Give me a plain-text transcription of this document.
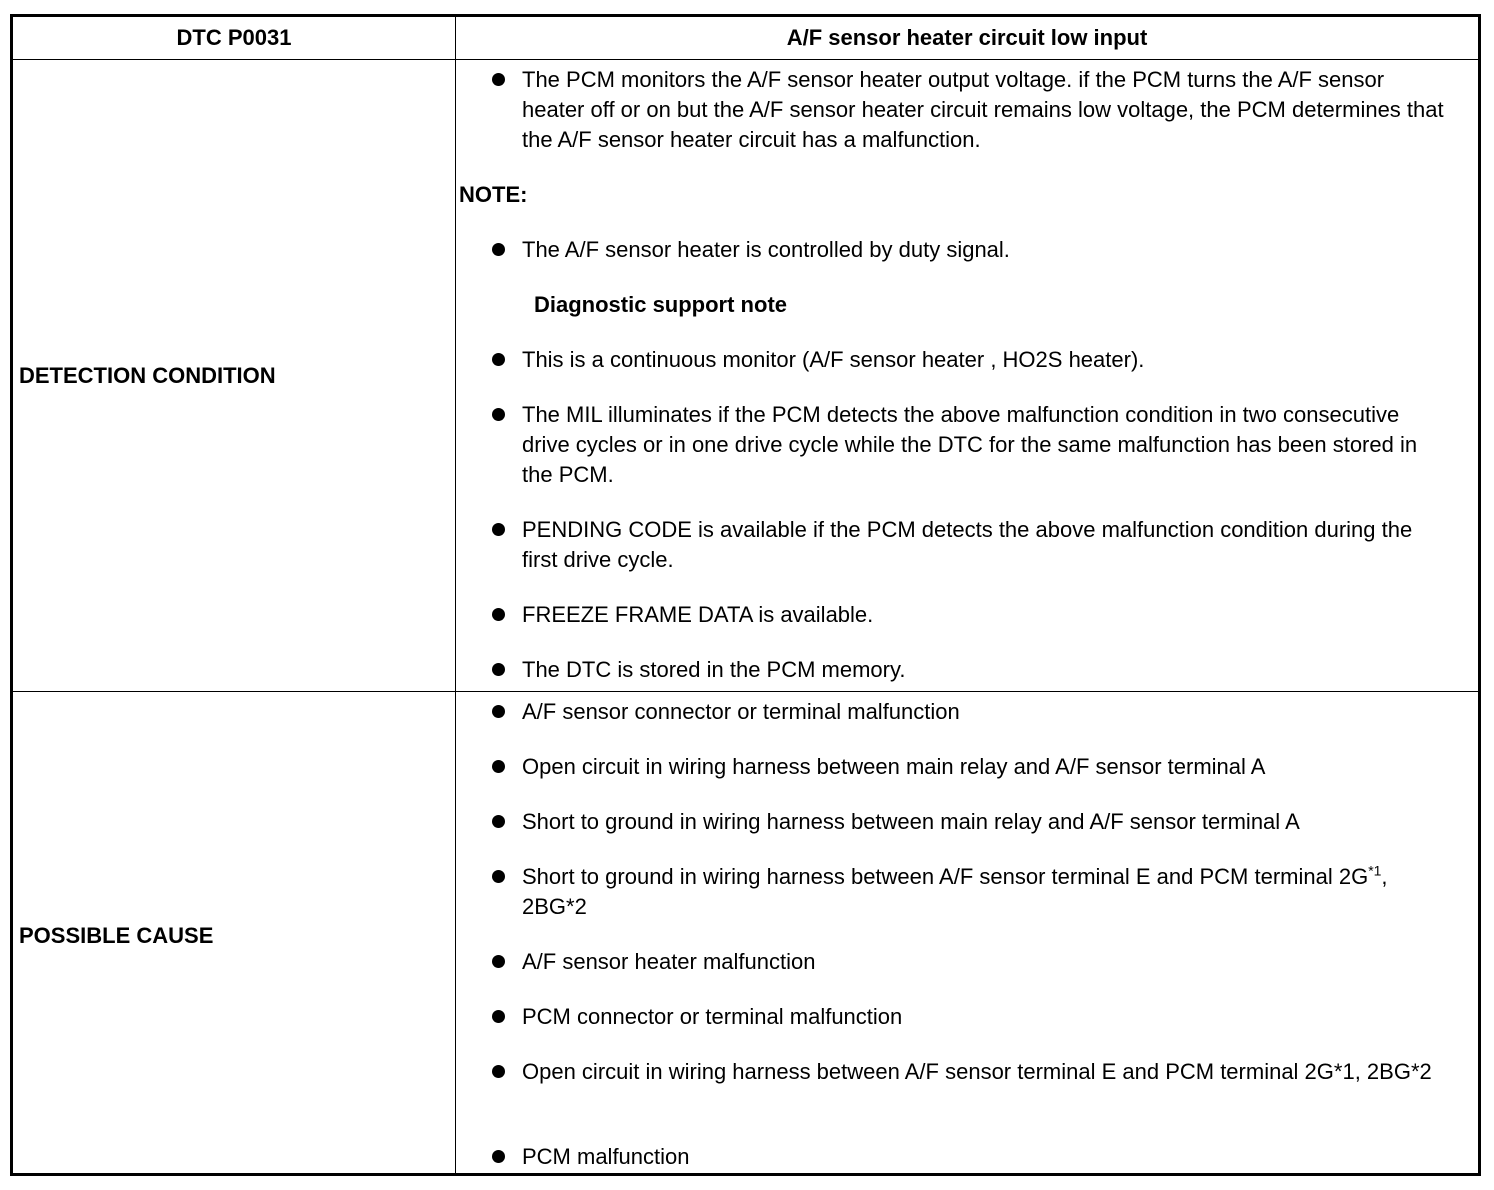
DTC P0031	A/F sensor heater circuit low input
DETECTION CONDITION
POSSIBLE CAUSE
The PCM monitors the A/F sensor heater output voltage. if the PCM turns the A/F sensor heater off or on but the A/F sensor heater circuit remains low voltage, the PCM determines that the A/F sensor heater circuit has a malfunction.
NOTE:
The A/F sensor heater is controlled by duty signal.
Diagnostic support note
This is a continuous monitor (A/F sensor heater , HO2S heater).
The MIL illuminates if the PCM detects the above malfunction condition in two consecutive drive cycles or in one drive cycle while the DTC for the same malfunction has been stored in the PCM.
PENDING CODE is available if the PCM detects the above malfunction condition during the first drive cycle.
FREEZE FRAME DATA is available.
The DTC is stored in the PCM memory.
A/F sensor connector or terminal malfunction
Open circuit in wiring harness between main relay and A/F sensor terminal A
Short to ground in wiring harness between main relay and A/F sensor terminal A
Short to ground in wiring harness between A/F sensor terminal E and PCM terminal $2G^{*1}$, 2BG*2
A/F sensor heater malfunction
PCM connector or terminal malfunction
Open circuit in wiring harness between A/F sensor terminal E and PCM terminal 2G*1, 2BG*2
PCM malfunction
